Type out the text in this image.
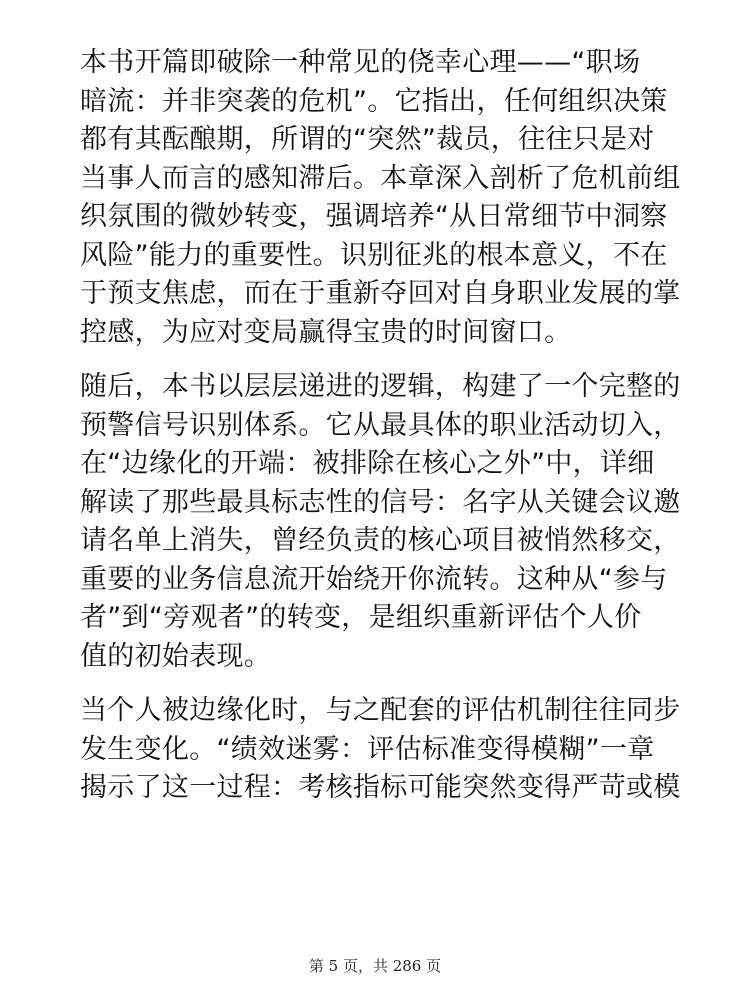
本书开篇即破除一种常见的侥幸心理——“职场
暗流：并非突袭的危机”。它指出，任何组织决策
都有其酝酿期，所谓的“突然”裁员，往往只是对
当事人而言的感知滞后。本章深入剖析了危机前组
织氛围的微妙转变，强调培养“从日常细节中洞察
风险”能力的重要性。识别征兆的根本意义，不在
于预支焦虑，而在于重新夺回对自身职业发展的掌
控感，为应对变局赢得宝贵的时间窗口。
随后，本书以层层递进的逻辑，构建了一个完整的
预警信号识别体系。它从最具体的职业活动切入，
在“边缘化的开端：被排除在核心之外”中，详细
解读了那些最具标志性的信号：名字从关键会议邀
请名单上消失，曾经负责的核心项目被悄然移交，
重要的业务信息流开始绕开你流转。这种从“参与
者”到“旁观者”的转变，是组织重新评估个人价
值的初始表现。
当个人被边缘化时，与之配套的评估机制往往同步
发生变化。“绩效迷雾：评估标准变得模糊”一章
揭示了这一过程：考核指标可能突然变得严苛或模
第 5 页，共 286 页
